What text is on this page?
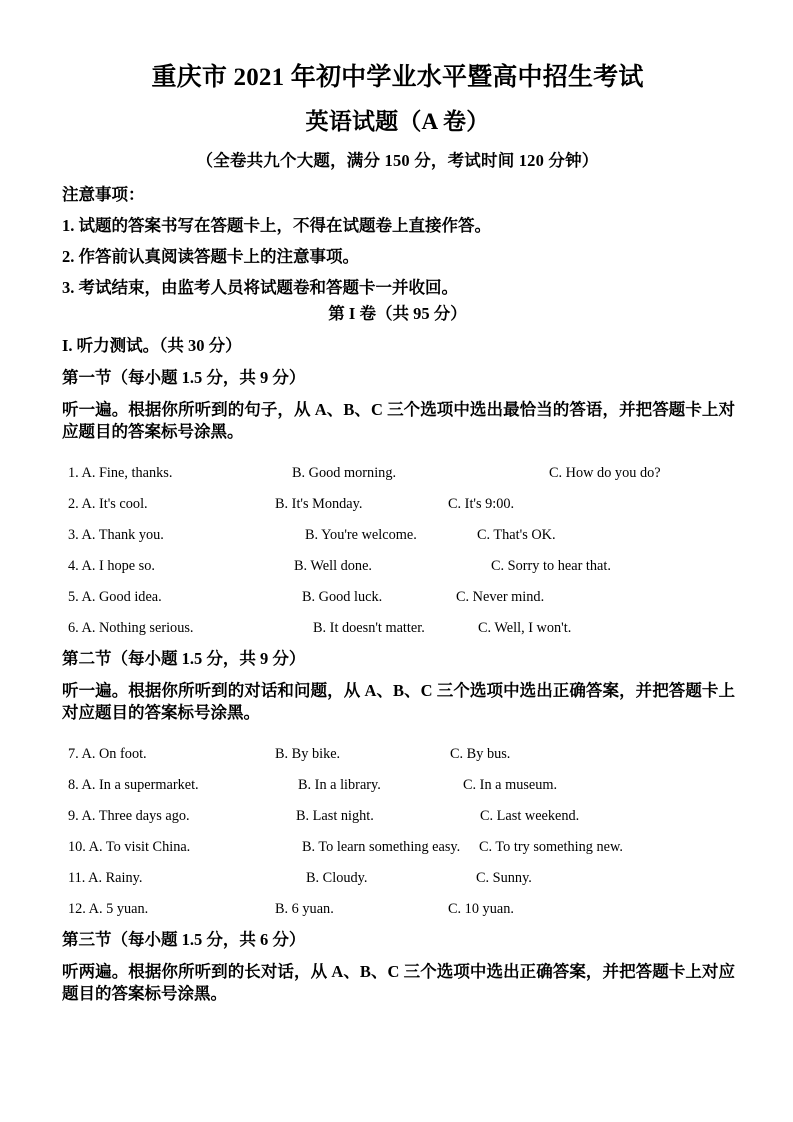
重庆市 2021 年初中学业水平暨高中招生考试
英语试题（A 卷）
（全卷共九个大题，满分 150 分，考试时间 120 分钟）
注意事项：
1. 试题的答案书写在答题卡上，不得在试题卷上直接作答。
2. 作答前认真阅读答题卡上的注意事项。
3. 考试结束，由监考人员将试题卷和答题卡一并收回。
第 I 卷（共 95 分）
I. 听力测试。（共 30 分）
第一节（每小题 1.5 分，共 9 分）
听一遍。根据你所听到的句子，从 A、B、C 三个选项中选出最恰当的答语，并把答题卡上对应题目的答案标号涂黑。
1. A. Fine, thanks.	B. Good morning.	C. How do you do?
2. A. It's cool.	B. It's Monday.	C. It's 9:00.
3. A. Thank you.	B. You're welcome.	C. That's OK.
4. A. I hope so.	B. Well done.	C. Sorry to hear that.
5. A. Good idea.	B. Good luck.	C. Never mind.
6. A. Nothing serious.	B. It doesn't matter.	C. Well, I won't.
第二节（每小题 1.5 分，共 9 分）
听一遍。根据你所听到的对话和问题，从 A、B、C 三个选项中选出正确答案，并把答题卡上对应题目的答案标号涂黑。
7. A. On foot.	B. By bike.	C. By bus.
8. A. In a supermarket.	B. In a library.	C. In a museum.
9. A. Three days ago.	B. Last night.	C. Last weekend.
10. A. To visit China.	B. To learn something easy. C. To try something new.
11. A. Rainy.	B. Cloudy.	C. Sunny.
12. A. 5 yuan.	B. 6 yuan.	C. 10 yuan.
第三节（每小题 1.5 分，共 6 分）
听两遍。根据你所听到的长对话，从 A、B、C 三个选项中选出正确答案，并把答题卡上对应题目的答案标号涂黑。
